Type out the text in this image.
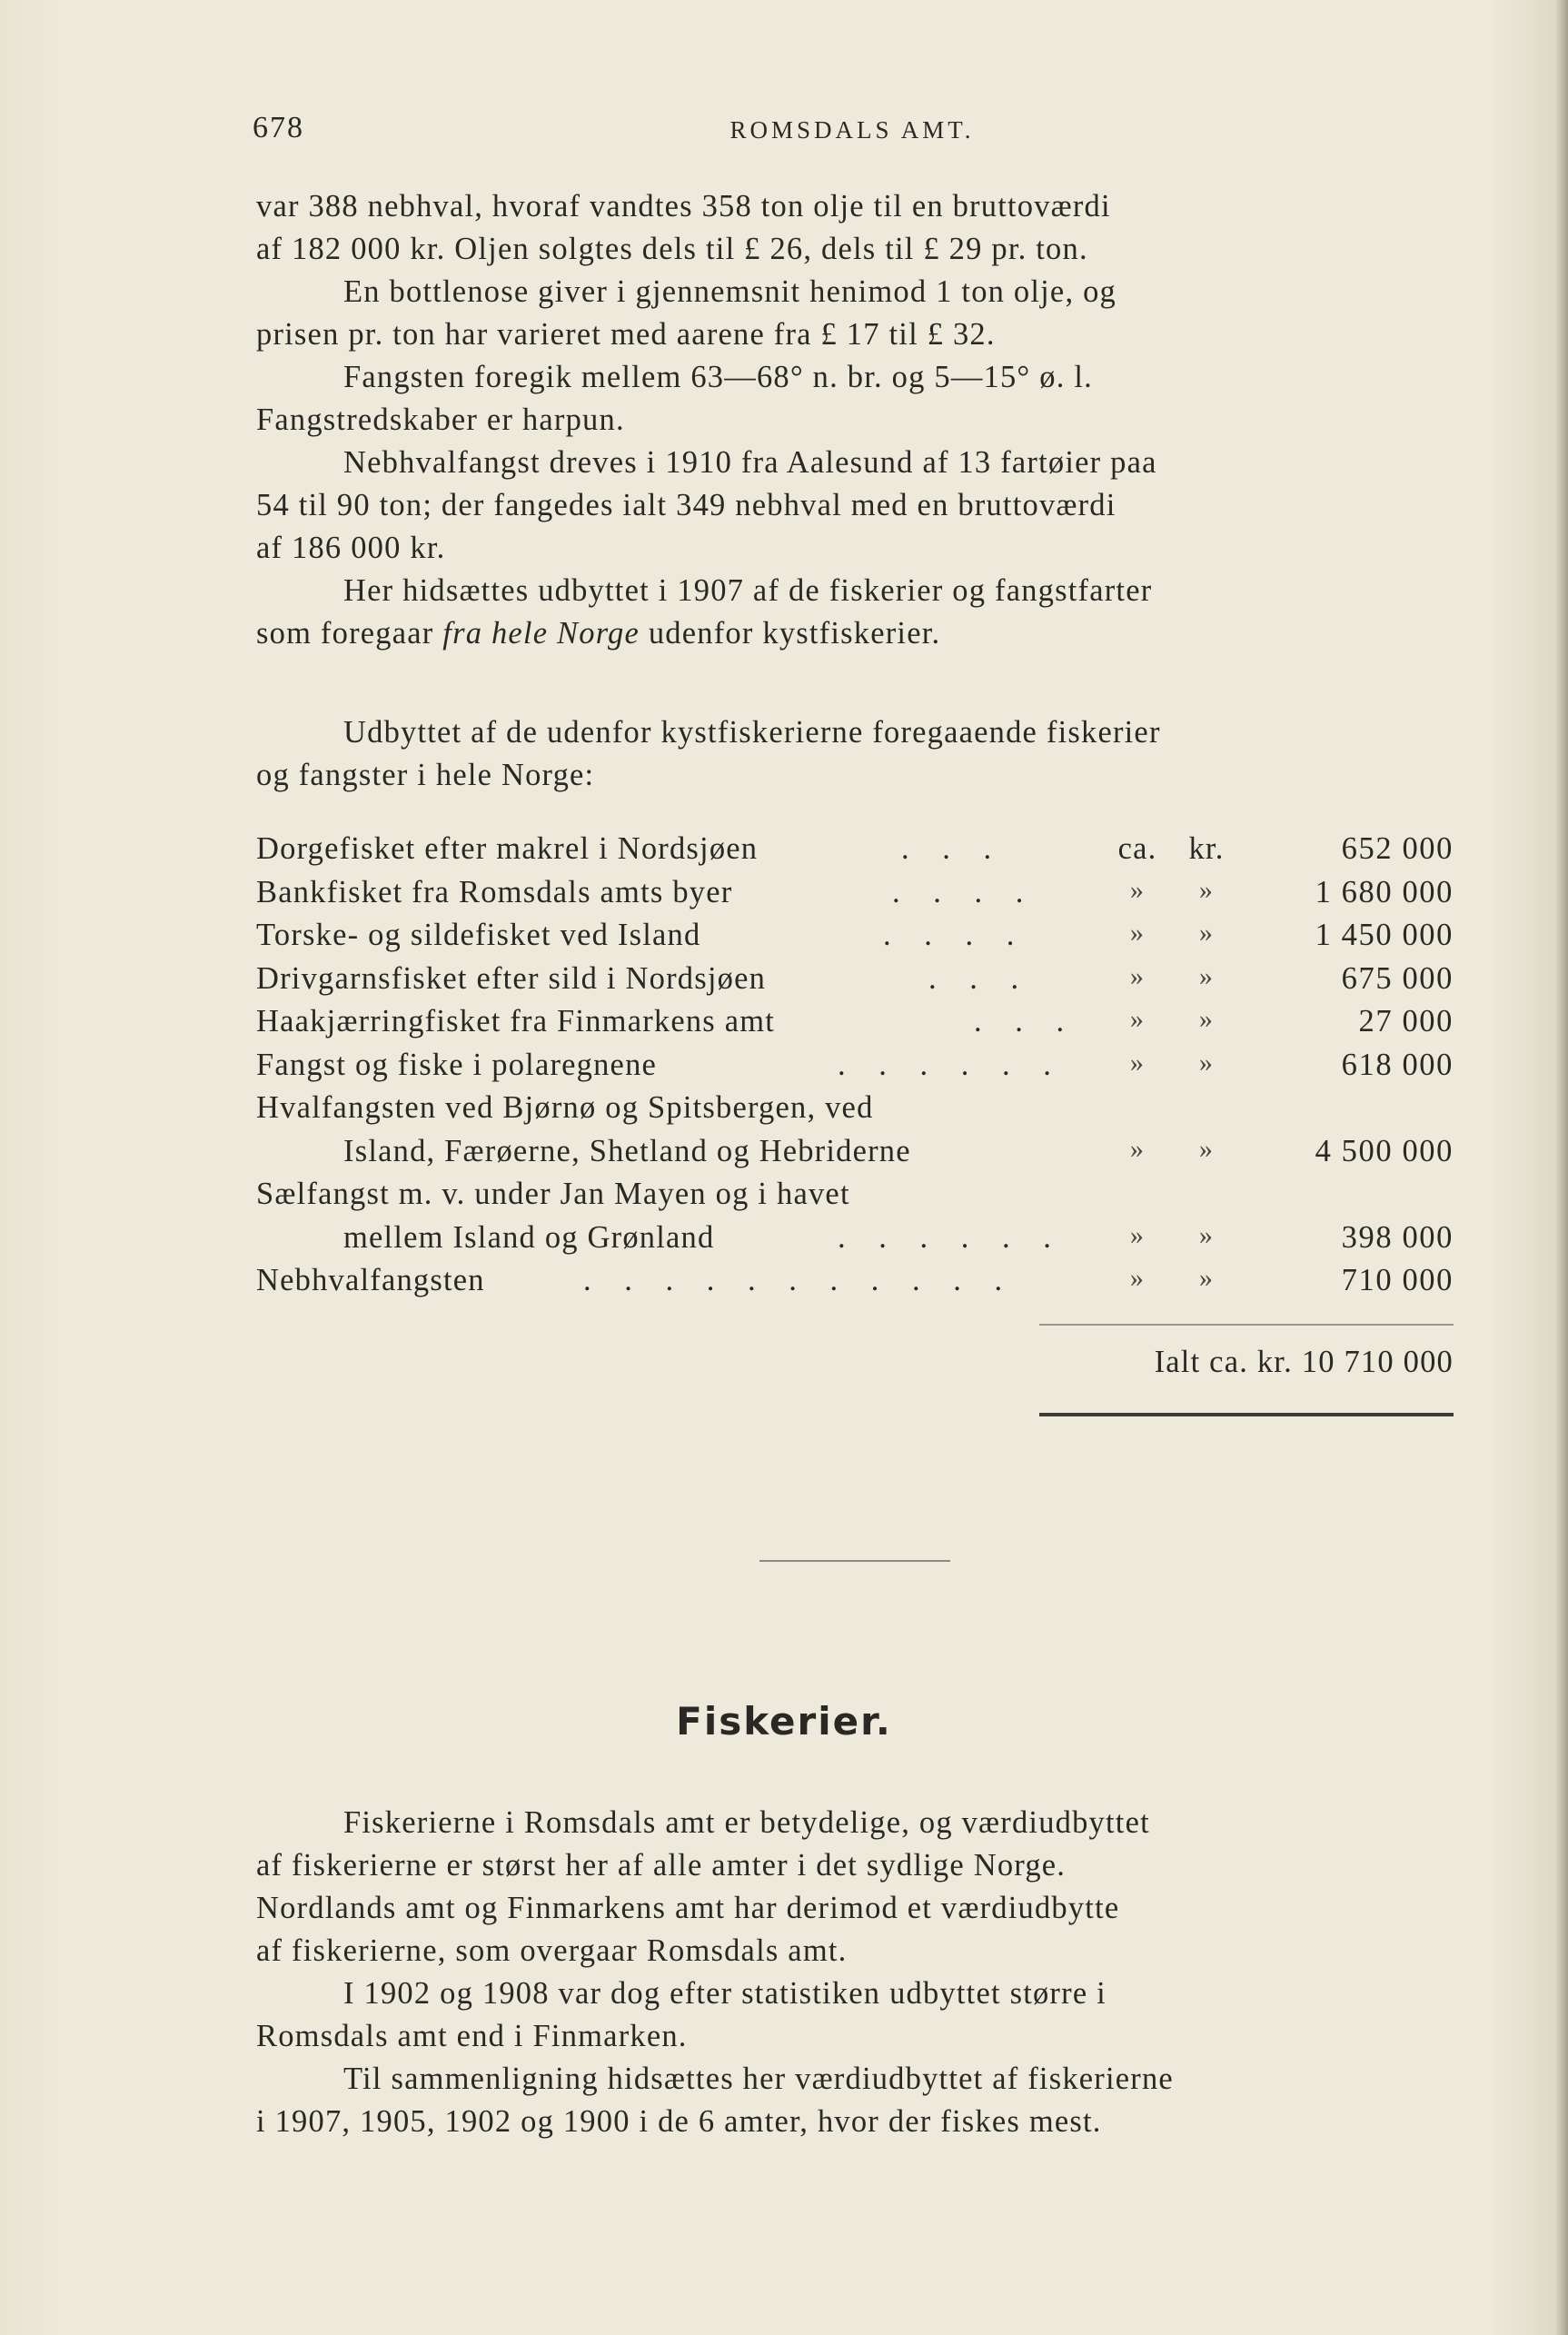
678	ROMSDALS AMT.

var 388 nebhval, hvoraf vandtes 358 ton olje til en bruttoværdi

af 182 000 kr. Oljen solgtes dels til £ 26, dels til £ 29 pr. ton.

En bottlenose giver i gjennemsnit henimod 1 ton olje, og

prisen pr. ton har varieret med aarene fra £ 17 til £ 32.

Fangsten foregik mellem 63—68° n. br. og 5—15° ø. l.

Fangstredskaber er harpun.

Nebhvalfangst dreves i 1910 fra Aalesund af 13 fartøier paa

54 til 90 ton; der fangedes ialt 349 nebhval med en bruttoværdi

af 186 000 kr.

Her hidsættes udbyttet i 1907 af de fiskerier og fangstfarter

som foregaar fra hele Norge udenfor kystfiskerier.

Udbyttet af de udenfor kystfiskerierne foregaaende fiskerier

og fangster i hele Norge:

Dorgefisket efter makrel i Nordsjøen	. . .	ca.	kr.	652 000
Bankfisket fra Romsdals amts byer	. . . .	»	»	1 680 000
Torske- og sildefisket ved Island	. . . .	»	»	1 450 000
Drivgarnsfisket efter sild i Nordsjøen	. . .	»	»	675 000
Haakjærringfisket fra Finmarkens amt	. . .	»	»	27 000
Fangst og fiske i polaregnene	. . . . . .	»	»	618 000
Hvalfangsten ved Bjørnø og Spitsbergen, ved
Island, Færøerne, Shetland og Hebriderne	»	»	4 500 000
Sælfangst m. v. under Jan Mayen og i havet
mellem Island og Grønland	. . . . . .	»	»	398 000
Nebhvalfangsten	. . . . . . . . . . .	»	»	710 000
Ialt ca. kr. 10 710 000
Fiskerier.

Fiskerierne i Romsdals amt er betydelige, og værdiudbyttet

af fiskerierne er størst her af alle amter i det sydlige Norge.

Nordlands amt og Finmarkens amt har derimod et værdiudbytte

af fiskerierne, som overgaar Romsdals amt.

I 1902 og 1908 var dog efter statistiken udbyttet større i

Romsdals amt end i Finmarken.

Til sammenligning hidsættes her værdiudbyttet af fiskerierne

i 1907, 1905, 1902 og 1900 i de 6 amter, hvor der fiskes mest.
